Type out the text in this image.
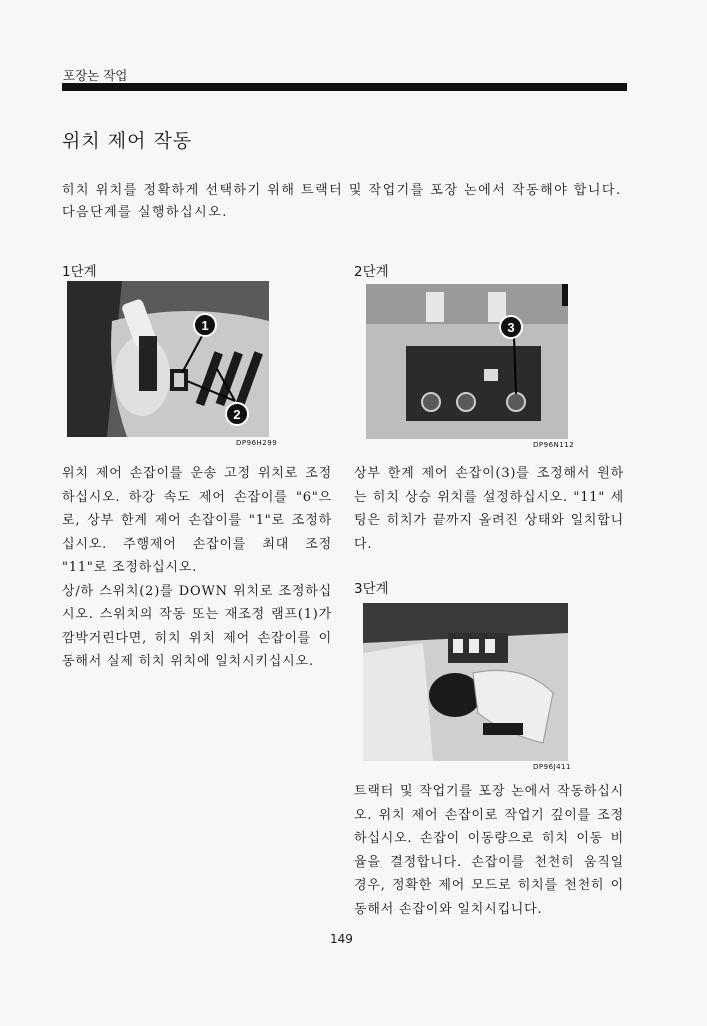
포장논 작업
위치 제어 작동

히치 위치를 정확하게 선택하기 위해 트랙터 및 작업기를 포장 논에서 작동해야 합니다.

다음단계를 실행하십시오.

1단계
1
2
DP96H299

위치 제어 손잡이를 운송 고정 위치로 조정하십시오. 하강 속도 제어 손잡이를 "6"으로, 상부 한계 제어 손잡이를 "1"로 조정하십시오. 주행제어 손잡이를 최대 조정 "11"로 조정하십시오.

상/하 스위치(2)를 DOWN 위치로 조정하십시오. 스위치의 작동 또는 재조정 램프(1)가 깜박거린다면, 히치 위치 제어 손잡이를 이동해서 실제 히치 위치에 일치시키십시오.

2단계
3
DP96N112

상부 한계 제어 손잡이(3)를 조정해서 원하는 히치 상승 위치를 설정하십시오. "11" 세팅은 히치가 끝까지 올려진 상태와 일치합니다.

3단계
DP96J411

트랙터 및 작업기를 포장 논에서 작동하십시오. 위치 제어 손잡이로 작업기 깊이를 조정하십시오. 손잡이 이동량으로 히치 이동 비율을 결정합니다. 손잡이를 천천히 움직일 경우, 정확한 제어 모드로 히치를 천천히 이동해서 손잡이와 일치시킵니다.

149
